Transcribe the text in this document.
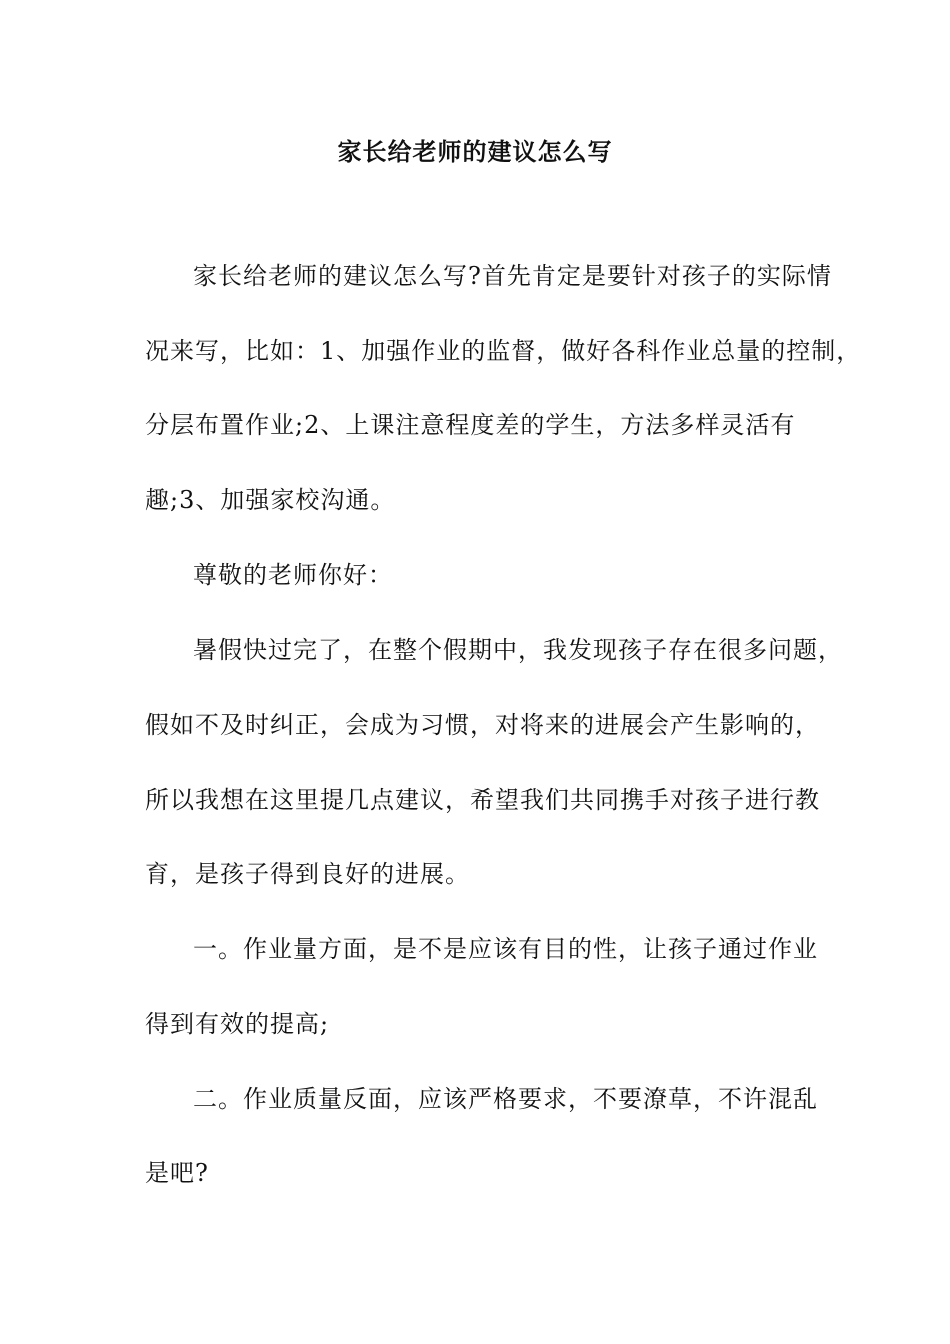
家长给老师的建议怎么写

家长给老师的建议怎么写?首先肯定是要针对孩子的实际情

况来写，比如：1、加强作业的监督，做好各科作业总量的控制，

分层布置作业;2、上课注意程度差的学生，方法多样灵活有

趣;3、加强家校沟通。

尊敬的老师你好：

暑假快过完了，在整个假期中，我发现孩子存在很多问题，

假如不及时纠正，会成为习惯，对将来的进展会产生影响的，

所以我想在这里提几点建议，希望我们共同携手对孩子进行教

育，是孩子得到良好的进展。

一。作业量方面，是不是应该有目的性，让孩子通过作业

得到有效的提高;

二。作业质量反面，应该严格要求，不要潦草，不许混乱

是吧?
